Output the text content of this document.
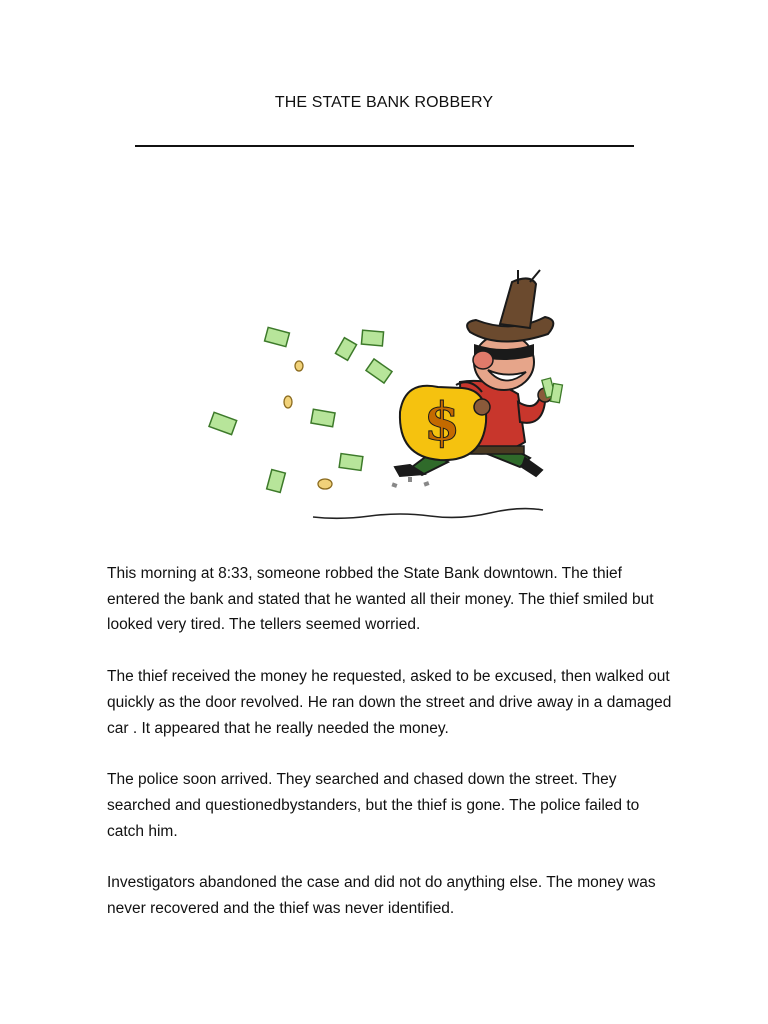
THE STATE BANK ROBBERY
$

This morning at 8:33, someone robbed the State Bank downtown. The thief entered the bank and stated that he wanted all their money. The thief smiled but looked very tired. The tellers seemed worried.

The thief received the money he requested, asked to be excused, then walked out quickly as the door revolved. He ran down the street and drive away in a damaged car . It appeared that he really needed the money.

The police soon arrived. They searched and chased down the street. They searched and questionedbystanders, but the thief is gone. The police failed to catch him.

Investigators abandoned the case and did not do anything else. The money was never recovered and the thief was never identified.
